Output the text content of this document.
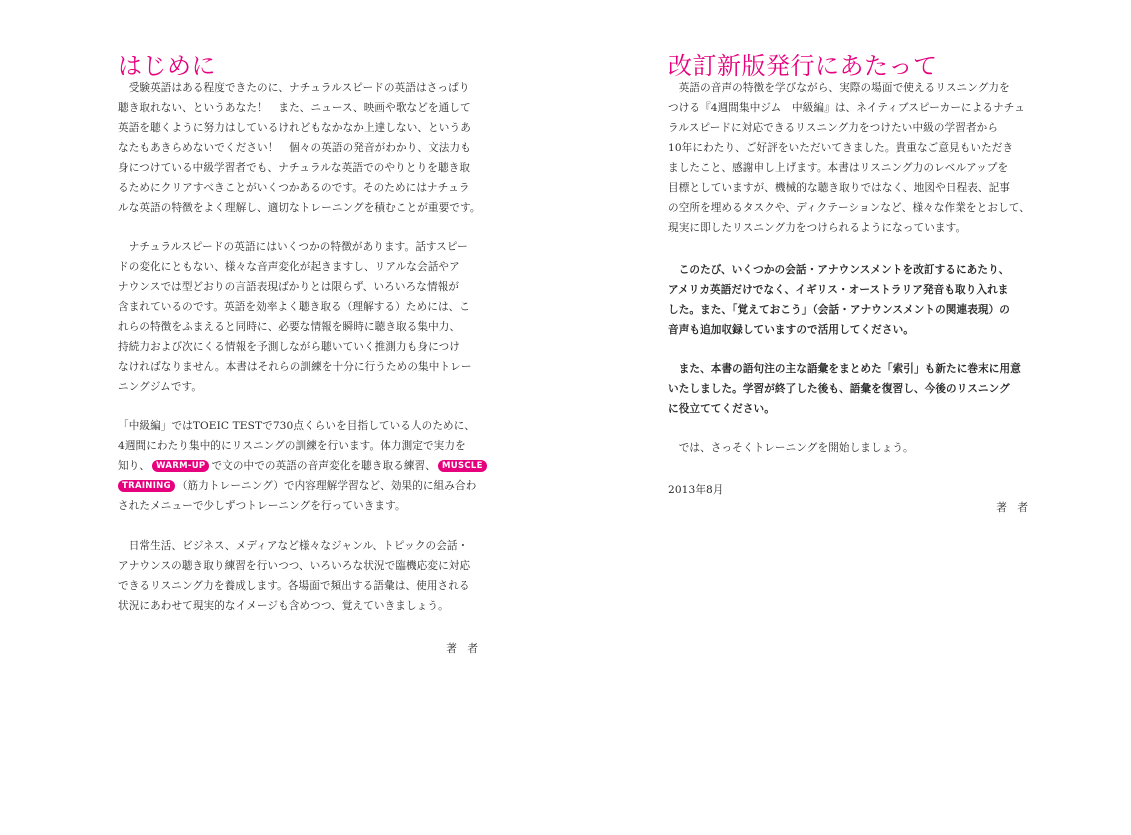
はじめに
　受験英語はある程度できたのに、ナチュラルスピードの英語はさっぱり
聴き取れない、というあなた！　また、ニュース、映画や歌などを通して
英語を聴くように努力はしているけれどもなかなか上達しない、というあ
なたもあきらめないでください！　個々の英語の発音がわかり、文法力も
身につけている中級学習者でも、ナチュラルな英語でのやりとりを聴き取
るためにクリアすべきことがいくつかあるのです。そのためにはナチュラ
ルな英語の特徴をよく理解し、適切なトレーニングを積むことが重要です。
　ナチュラルスピードの英語にはいくつかの特徴があります。話すスピー
ドの変化にともない、様々な音声変化が起きますし、リアルな会話やア
ナウンスでは型どおりの言語表現ばかりとは限らず、いろいろな情報が
含まれているのです。英語を効率よく聴き取る（理解する）ためには、こ
れらの特徴をふまえると同時に、必要な情報を瞬時に聴き取る集中力、
持続力および次にくる情報を予測しながら聴いていく推測力も身につけ
なければなりません。本書はそれらの訓練を十分に行うための集中トレー
ニングジムです。
「中級編」ではTOEIC TESTで730点くらいを目指している人のために、
4週間にわたり集中的にリスニングの訓練を行います。体力測定で実力を
知り、 WARM-UP で文の中での英語の音声変化を聴き取る練習、 MUSCLE
TRAINING （筋力トレーニング）で内容理解学習など、効果的に組み合わ
されたメニューで少しずつトレーニングを行っていきます。
　日常生活、ビジネス、メディアなど様々なジャンル、トピックの会話・
アナウンスの聴き取り練習を行いつつ、いろいろな状況で臨機応変に対応
できるリスニング力を養成します。各場面で頻出する語彙は、使用される
状況にあわせて現実的なイメージも含めつつ、覚えていきましょう。
著　者
改訂新版発行にあたって
　英語の音声の特徴を学びながら、実際の場面で使えるリスニング力を
つける『4週間集中ジム　中級編』は、ネイティブスピーカーによるナチュ
ラルスピードに対応できるリスニング力をつけたい中級の学習者から
10年にわたり、ご好評をいただいてきました。貴重なご意見もいただき
ましたこと、感謝申し上げます。本書はリスニング力のレベルアップを
目標としていますが、機械的な聴き取りではなく、地図や日程表、記事
の空所を埋めるタスクや、ディクテーションなど、様々な作業をとおして、
現実に即したリスニング力をつけられるようになっています。
　このたび、いくつかの会話・アナウンスメントを改訂するにあたり、
アメリカ英語だけでなく、イギリス・オーストラリア発音も取り入れま
した。また、「覚えておこう」（会話・アナウンスメントの関連表現）の
音声も追加収録していますので活用してください。
　また、本書の語句注の主な語彙をまとめた「索引」も新たに巻末に用意
いたしました。学習が終了した後も、語彙を復習し、今後のリスニング
に役立ててください。
　では、さっそくトレーニングを開始しましょう。
2013年8月
著　者
